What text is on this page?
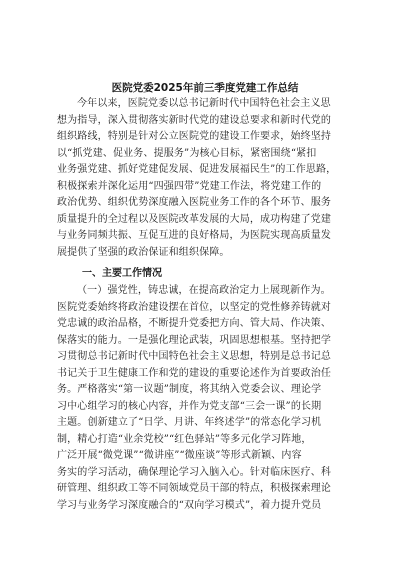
医院党委2025年前三季度党建工作总结
今年以来，医院党委以总书记新时代中国特色社会主义思
想为指导，深入贯彻落实新时代党的建设总要求和新时代党的
组织路线，特别是针对公立医院党的建设工作要求，始终坚持
以“抓党建、促业务、提服务”为核心目标，紧密围绕“紧扣
业务强党建、抓好党建促发展、促进发展福民生”的工作思路，
积极探索并深化运用“四强四带”党建工作法，将党建工作的
政治优势、组织优势深度融入医院业务工作的各个环节、服务
质量提升的全过程以及医院改革发展的大局，成功构建了党建
与业务同频共振、互促互进的良好格局，为医院实现高质量发
展提供了坚强的政治保证和组织保障。
一、主要工作情况
（一）强党性，铸忠诚，在提高政治定力上展现新作为。
医院党委始终将政治建设摆在首位，以坚定的党性修养铸就对
党忠诚的政治品格，不断提升党委把方向、管大局、作决策、
保落实的能力。一是强化理论武装，巩固思想根基。坚持把学
习贯彻总书记新时代中国特色社会主义思想，特别是总书记总
书记关于卫生健康工作和党的建设的重要论述作为首要政治任
务。严格落实“第一议题”制度，将其纳入党委会议、理论学
习中心组学习的核心内容，并作为党支部“三会一课”的长期
主题。创新建立了“日学、月讲、年终述学”的常态化学习机
制，精心打造“业余党校”“红色驿站”等多元化学习阵地，
广泛开展“微党课”“微讲座”“微座谈”等形式新颖、内容
务实的学习活动，确保理论学习入脑入心。针对临床医疗、科
研管理、组织政工等不同领域党员干部的特点，积极探索理论
学习与业务学习深度融合的“双向学习模式”，着力提升党员
